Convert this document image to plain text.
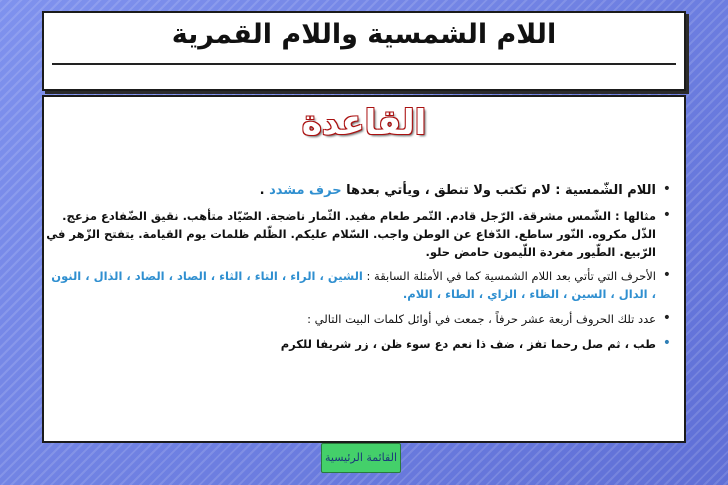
اللام الشمسية واللام القمرية
القاعدة
•
اللام الشّمسية : لام تكتب ولا تنطق ، ويأتي بعدها حرف مشدد .
•
مثالها : الشّمس مشرقة. الرّجل قادم. التّمر طعام مفيد. الثّمار ناضجة. الصّيّاد متأهب. نقيق الضّفادع مزعج. الذّل مكروه. النّور ساطع. الدّفاع عن الوطن واجب. السّلام عليكم. الظّلم ظلمات يوم القيامة. يتفتح الزّهر في الرّبيع. الطّيور مغردة اللّيمون حامض حلو.
•
الأحرف التي تأتي بعد اللام الشمسية كما في الأمثلة السابقة : الشين ، الراء ، التاء ، الثاء ، الصاد ، الضاد ، الذال ، النون ، الدال ، السين ، الظاء ، الزاي ، الطاء ، اللام.
•
عدد تلك الحروف أربعة عشر حرفاً ، جمعت في أوائل كلمات البيت التالي :
•
طب ، ثم صل رحما تفز ، ضف ذا نعم دع سوء ظن ، زر شريفا للكرم
القائمة الرئيسية
